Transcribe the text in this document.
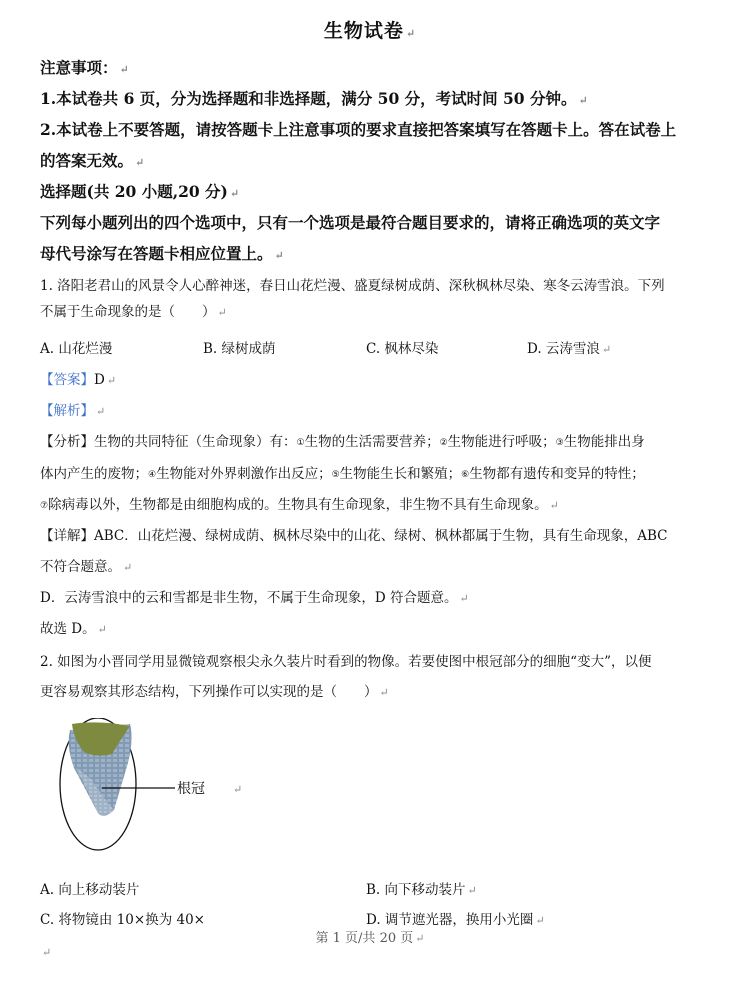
生物试卷 ↵
注意事项： ↵
1.本试卷共 6 页，分为选择题和非选择题，满分 50 分，考试时间 50 分钟。 ↵
2.本试卷上不要答题，请按答题卡上注意事项的要求直接把答案填写在答题卡上。答在试卷上
的答案无效。 ↵
选择题(共 20 小题,20 分) ↵
下列每小题列出的四个选项中，只有一个选项是最符合题目要求的，请将正确选项的英文字
母代号涂写在答题卡相应位置上。 ↵
1. 洛阳老君山的风景令人心醉神迷，春日山花烂漫、盛夏绿树成荫、深秋枫林尽染、寒冬云涛雪浪。下列
不属于生命现象的是（　　） ↵
A. 山花烂漫	B. 绿树成荫	C. 枫林尽染	D. 云涛雪浪 ↵
【答案】D ↵
【解析】 ↵
【分析】生物的共同特征（生命现象）有：①生物的生活需要营养；②生物能进行呼吸；③生物能排出身
体内产生的废物；④生物能对外界刺激作出反应；⑤生物能生长和繁殖；⑥生物都有遗传和变异的特性；
⑦除病毒以外，生物都是由细胞构成的。生物具有生命现象，非生物不具有生命现象。 ↵
【详解】ABC．山花烂漫、绿树成荫、枫林尽染中的山花、绿树、枫林都属于生物，具有生命现象，ABC
不符合题意。 ↵
D．云涛雪浪中的云和雪都是非生物，不属于生命现象，D 符合题意。 ↵
故选 D。 ↵
2. 如图为小晋同学用显微镜观察根尖永久装片时看到的物像。若要使图中根冠部分的细胞“变大”，以便
更容易观察其形态结构，下列操作可以实现的是（　　） ↵
根冠	↵
A. 向上移动装片	B. 向下移动装片 ↵
C. 将物镜由 10×换为 40×	D. 调节遮光器，换用小光圈 ↵
第 1 页/共 20 页 ↵
↵
